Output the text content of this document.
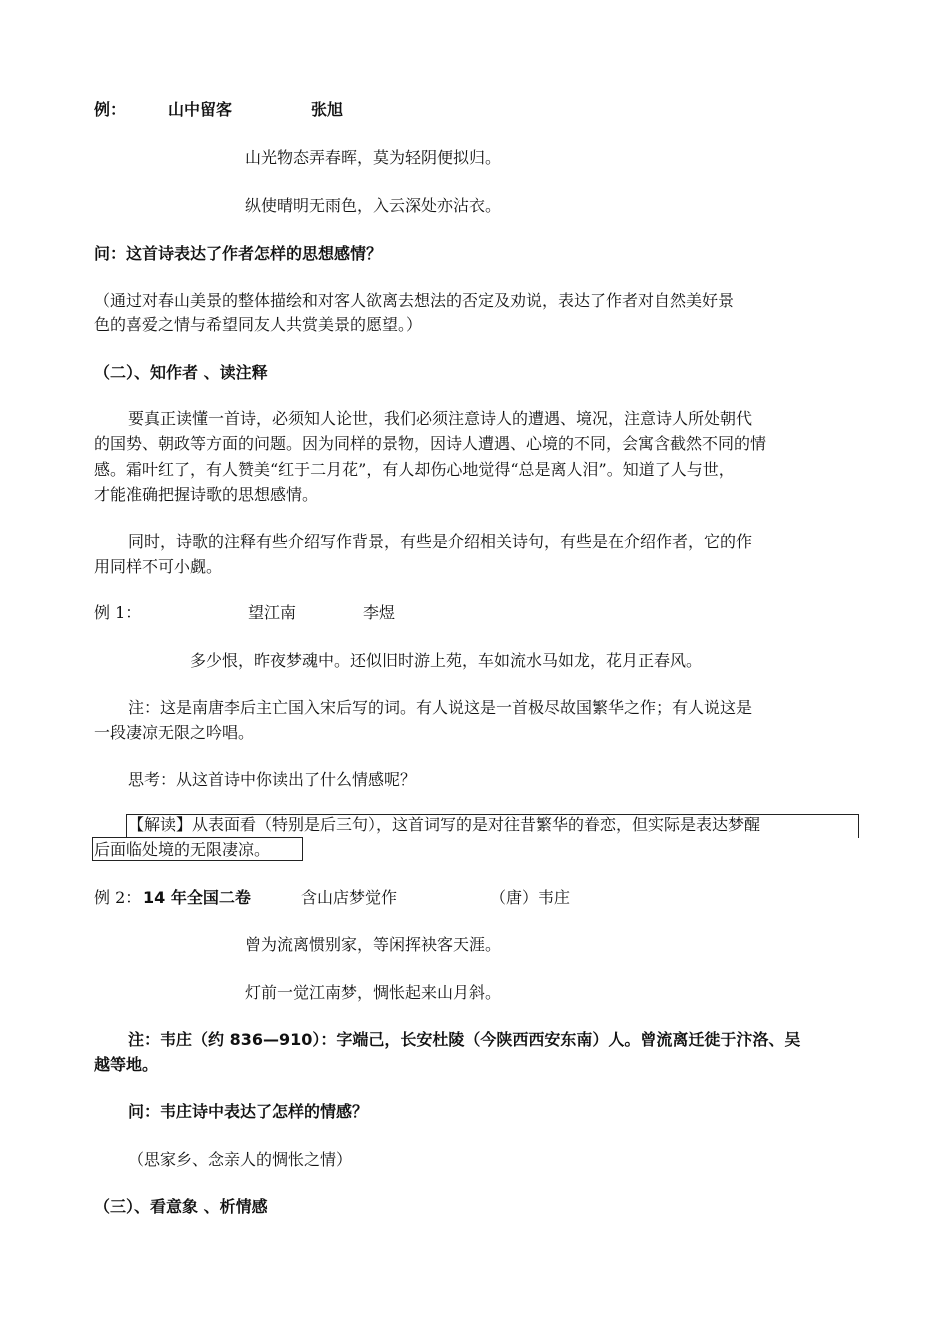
例：	山中留客	张旭
山光物态弄春晖，莫为轻阴便拟归。
纵使晴明无雨色，入云深处亦沾衣。
问：这首诗表达了作者怎样的思想感情？
（通过对春山美景的整体描绘和对客人欲离去想法的否定及劝说，表达了作者对自然美好景
色的喜爱之情与希望同友人共赏美景的愿望。）
（二）、知作者 、读注释
要真正读懂一首诗，必须知人论世，我们必须注意诗人的遭遇、境况，注意诗人所处朝代
的国势、朝政等方面的问题。因为同样的景物，因诗人遭遇、心境的不同，会寓含截然不同的情
感。霜叶红了，有人赞美“红于二月花”，有人却伤心地觉得“总是离人泪”。知道了人与世，
才能准确把握诗歌的思想感情。
同时，诗歌的注释有些介绍写作背景，有些是介绍相关诗句，有些是在介绍作者，它的作
用同样不可小觑。
例 1：	望江南	李煜
多少恨，昨夜梦魂中。还似旧时游上苑，车如流水马如龙，花月正春风。
注：这是南唐李后主亡国入宋后写的词。有人说这是一首极尽故国繁华之作；有人说这是
一段凄凉无限之吟唱。
思考：从这首诗中你读出了什么情感呢？
【解读】从表面看（特别是后三句），这首词写的是对往昔繁华的眷恋，但实际是表达梦醒
后面临处境的无限凄凉。
例 2： 14 年全国二卷	含山店梦觉作	（唐）韦庄
曾为流离惯别家，等闲挥袂客天涯。
灯前一觉江南梦，惆怅起来山月斜。
注：韦庄（约 836—910）：字端己，长安杜陵（今陕西西安东南）人。曾流离迁徙于汴洛、吴
越等地。
问：韦庄诗中表达了怎样的情感？
（思家乡、念亲人的惆怅之情）
（三）、看意象 、析情感
